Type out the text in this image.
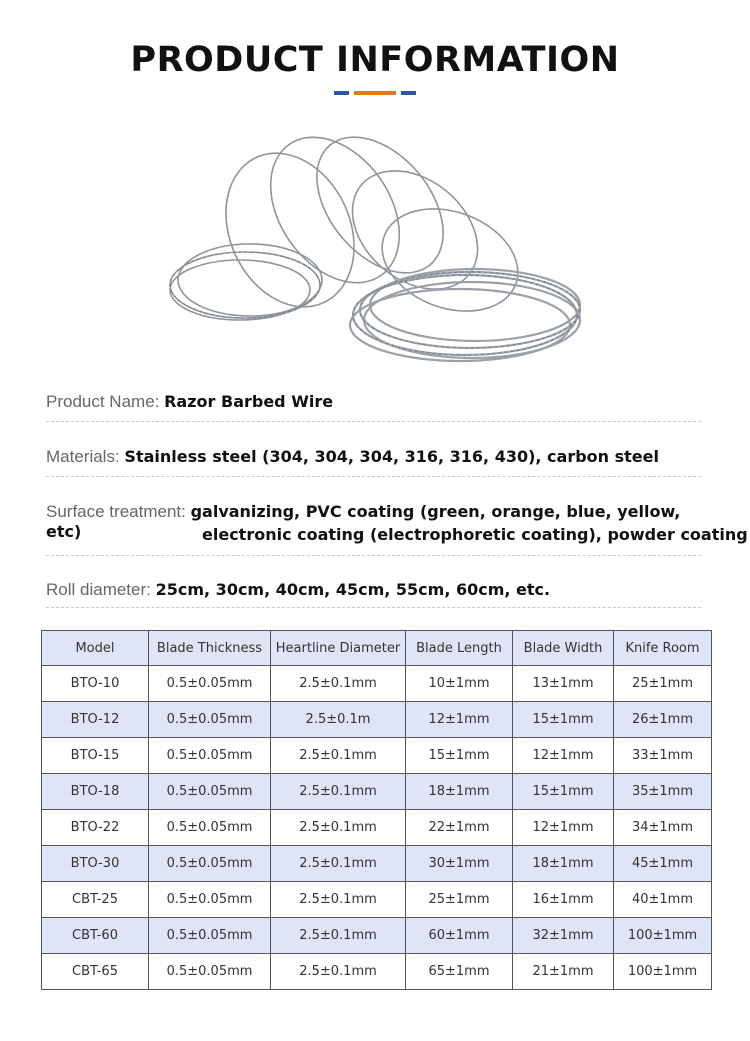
PRODUCT INFORMATION
Product Name: Razor Barbed Wire
Materials: Stainless steel (304, 304, 304, 316, 316, 430), carbon steel
Surface treatment: galvanizing, PVC coating (green, orange, blue, yellow, etc)	electronic coating (electrophoretic coating), powder coating
Roll diameter: 25cm, 30cm, 40cm, 45cm, 55cm, 60cm, etc.
Model	Blade Thickness	Heartline Diameter	Blade Length	Blade Width	Knife Room
BTO-10	0.5±0.05mm	2.5±0.1mm	10±1mm	13±1mm	25±1mm
BTO-12	0.5±0.05mm	2.5±0.1m	12±1mm	15±1mm	26±1mm
BTO-15	0.5±0.05mm	2.5±0.1mm	15±1mm	12±1mm	33±1mm
BTO-18	0.5±0.05mm	2.5±0.1mm	18±1mm	15±1mm	35±1mm
BTO-22	0.5±0.05mm	2.5±0.1mm	22±1mm	12±1mm	34±1mm
BTO-30	0.5±0.05mm	2.5±0.1mm	30±1mm	18±1mm	45±1mm
CBT-25	0.5±0.05mm	2.5±0.1mm	25±1mm	16±1mm	40±1mm
CBT-60	0.5±0.05mm	2.5±0.1mm	60±1mm	32±1mm	100±1mm
CBT-65	0.5±0.05mm	2.5±0.1mm	65±1mm	21±1mm	100±1mm
